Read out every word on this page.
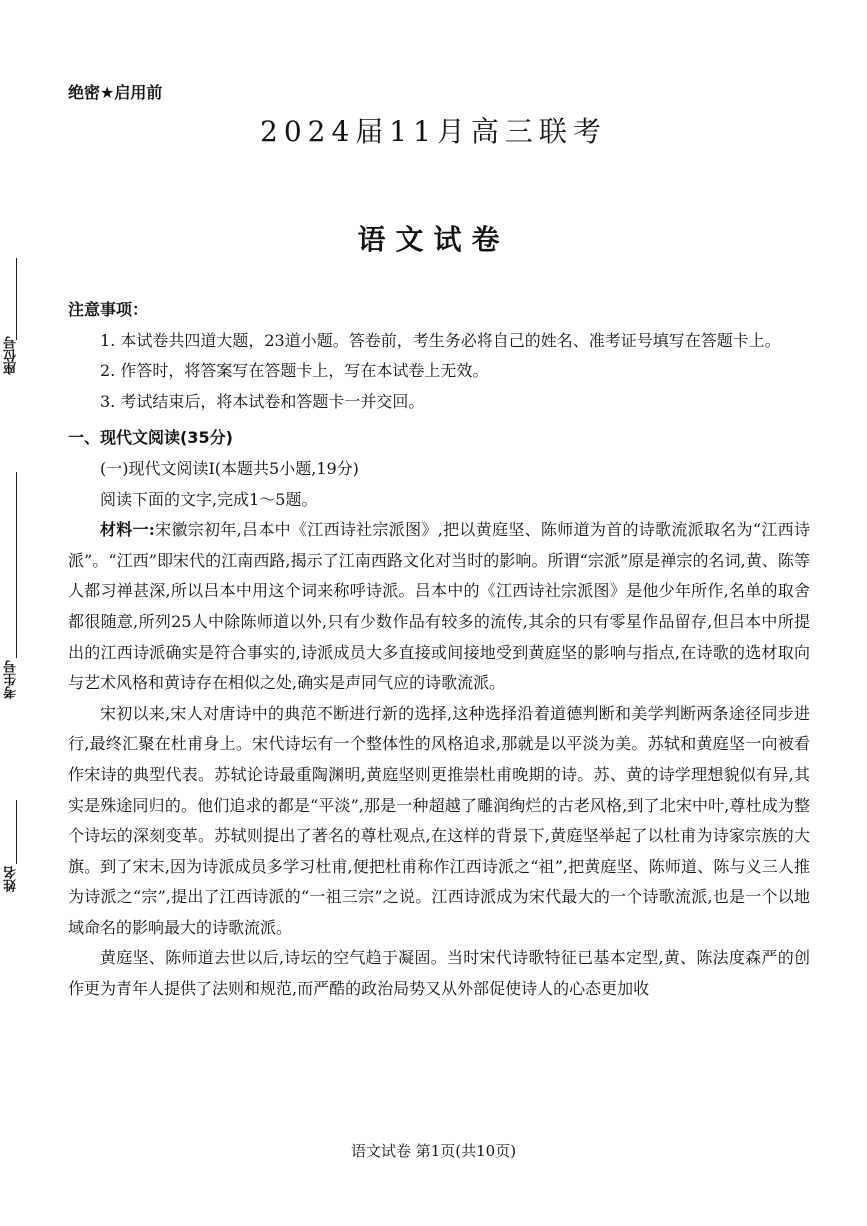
绝密★启用前
2024届11月高三联考
语文试卷
座位号
考生号
姓名
注意事项：

1. 本试卷共四道大题，23道小题。答卷前，考生务必将自己的姓名、准考证号填写在答题卡上。

2. 作答时，将答案写在答题卡上，写在本试卷上无效。

3. 考试结束后，将本试卷和答题卡一并交回。

一、现代文阅读(35分)

(一)现代文阅读Ⅰ(本题共5小题,19分)

阅读下面的文字,完成1～5题。

材料一:宋徽宗初年,吕本中《江西诗社宗派图》,把以黄庭坚、陈师道为首的诗歌流派取名为“江西诗派”。“江西”即宋代的江南西路,揭示了江南西路文化对当时的影响。所谓“宗派”原是禅宗的名词,黄、陈等人都习禅甚深,所以吕本中用这个词来称呼诗派。吕本中的《江西诗社宗派图》是他少年所作,名单的取舍都很随意,所列25人中除陈师道以外,只有少数作品有较多的流传,其余的只有零星作品留存,但吕本中所提出的江西诗派确实是符合事实的,诗派成员大多直接或间接地受到黄庭坚的影响与指点,在诗歌的选材取向与艺术风格和黄诗存在相似之处,确实是声同气应的诗歌流派。

宋初以来,宋人对唐诗中的典范不断进行新的选择,这种选择沿着道德判断和美学判断两条途径同步进行,最终汇聚在杜甫身上。宋代诗坛有一个整体性的风格追求,那就是以平淡为美。苏轼和黄庭坚一向被看作宋诗的典型代表。苏轼论诗最重陶渊明,黄庭坚则更推崇杜甫晚期的诗。苏、黄的诗学理想貌似有异,其实是殊途同归的。他们追求的都是“平淡”,那是一种超越了雕润绚烂的古老风格,到了北宋中叶,尊杜成为整个诗坛的深刻变革。苏轼则提出了著名的尊杜观点,在这样的背景下,黄庭坚举起了以杜甫为诗家宗族的大旗。到了宋末,因为诗派成员多学习杜甫,便把杜甫称作江西诗派之“祖”,把黄庭坚、陈师道、陈与义三人推为诗派之“宗”,提出了江西诗派的“一祖三宗”之说。江西诗派成为宋代最大的一个诗歌流派,也是一个以地域命名的影响最大的诗歌流派。

黄庭坚、陈师道去世以后,诗坛的空气趋于凝固。当时宋代诗歌特征已基本定型,黄、陈法度森严的创作更为青年人提供了法则和规范,而严酷的政治局势又从外部促使诗人的心态更加收

语文试卷 第1页(共10页)
